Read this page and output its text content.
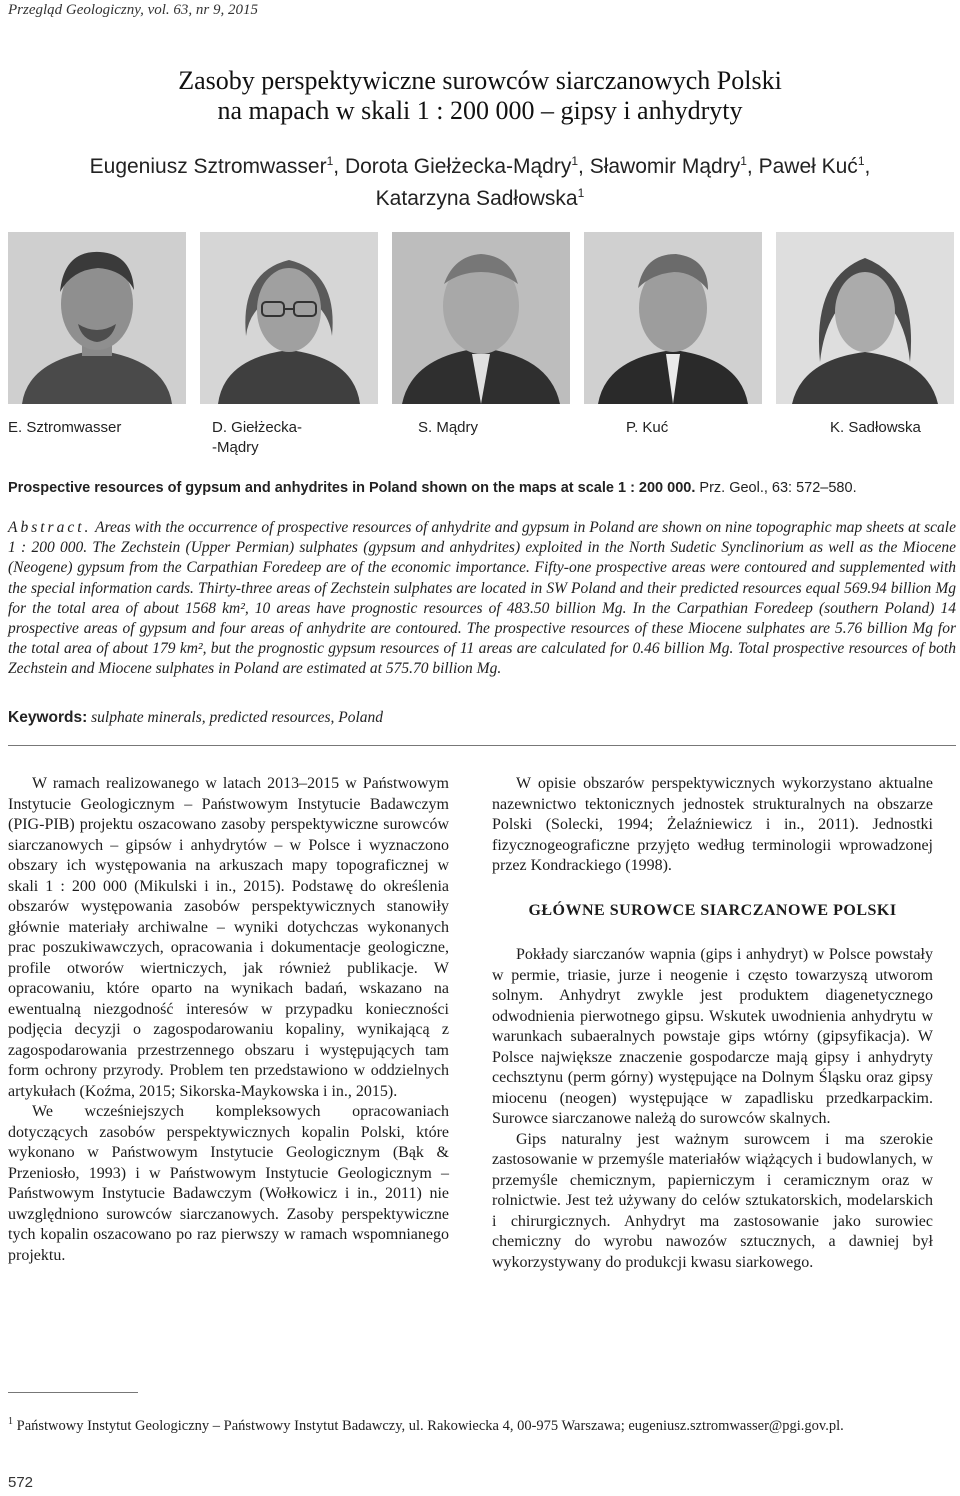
Przegląd Geologiczny, vol. 63, nr 9, 2015
Zasoby perspektywiczne surowców siarczanowych Polski
na mapach w skali 1 : 200 000 – gipsy i anhydryty
Eugeniusz Sztromwasser$^1$, Dorota Giełżecka-Mądry$^1$, Sławomir Mądry$^1$, Paweł Kuć$^1$,
Katarzyna Sadłowska$^1$
E. Sztromwasser	D. Giełżecka-
-Mądry
S. Mądry	P. Kuć	K. Sadłowska
Prospective resources of gypsum and anhydrites in Poland shown on the maps at scale 1 : 200 000. Prz. Geol., 63: 572–580.
Abstract. Areas with the occurrence of prospective resources of anhydrite and gypsum in Poland are shown on nine topographic map sheets at scale 1 : 200 000. The Zechstein (Upper Permian) sulphates (gypsum and anhydrites) exploited in the North Sudetic Synclinorium as well as the Miocene (Neogene) gypsum from the Carpathian Foredeep are of the economic importance. Fifty-one prospective areas were contoured and supplemented with the special information cards. Thirty-three areas of Zechstein sulphates are located in SW Poland and their predicted resources equal 569.94 billion Mg for the total area of about 1568 km², 10 areas have prognostic resources of 483.50 billion Mg. In the Carpathian Foredeep (southern Poland) 14 prospective areas of gypsum and four areas of anhydrite are contoured. The prospective resources of these Miocene sulphates are 5.76 billion Mg for the total area of about 179 km², but the prognostic gypsum resources of 11 areas are calculated for 0.46 billion Mg. Total prospective resources of both Zechstein and Miocene sulphates in Poland are estimated at 575.70 billion Mg.
Keywords: sulphate minerals, predicted resources, Poland

W ramach realizowanego w latach 2013–2015 w Państwowym Instytucie Geologicznym – Państwowym Instytucie Badawczym (PIG-PIB) projektu oszacowano zasoby perspektywiczne surowców siarczanowych – gipsów i anhydrytów – w Polsce i wyznaczono obszary ich występowania na arkuszach mapy topograficznej w skali 1 : 200 000 (Mikulski i in., 2015). Podstawę do określenia obszarów występowania zasobów perspektywicznych stanowiły głównie materiały archiwalne – wyniki dotychczas wykonanych prac poszukiwawczych, opracowania i dokumentacje geologiczne, profile otworów wiertniczych, jak również publikacje. W opracowaniu, które oparto na wynikach badań, wskazano na ewentualną niezgodność interesów w przypadku konieczności podjęcia decyzji o zagospodarowaniu kopaliny, wynikającą z zagospodarowania przestrzennego obszaru i występujących tam form ochrony przyrody. Problem ten przedstawiono w oddzielnych artykułach (Koźma, 2015; Sikorska-Maykowska i in., 2015).

We wcześniejszych kompleksowych opracowaniach dotyczących zasobów perspektywicznych kopalin Polski, które wykonano w Państwowym Instytucie Geologicznym (Bąk & Przeniosło, 1993) i w Państwowym Instytucie Geologicznym – Państwowym Instytucie Badawczym (Wołkowicz i in., 2011) nie uwzględniono surowców siarczanowych. Zasoby perspektywiczne tych kopalin oszacowano po raz pierwszy w ramach wspomnianego projektu.

W opisie obszarów perspektywicznych wykorzystano aktualne nazewnictwo tektonicznych jednostek strukturalnych na obszarze Polski (Solecki, 1994; Żelaźniewicz i in., 2011). Jednostki fizycznogeograficzne przyjęto według terminologii wprowadzonej przez Kondrackiego (1998).

GŁÓWNE SUROWCE SIARCZANOWE POLSKI

Pokłady siarczanów wapnia (gips i anhydryt) w Polsce powstały w permie, triasie, jurze i neogenie i często towarzyszą utworom solnym. Anhydryt zwykle jest produktem diagenetycznego odwodnienia pierwotnego gipsu. Wskutek uwodnienia anhydrytu w warunkach subaeralnych powstaje gips wtórny (gipsyfikacja). W Polsce największe znaczenie gospodarcze mają gipsy i anhydryty cechsztynu (perm górny) występujące na Dolnym Śląsku oraz gipsy miocenu (neogen) występujące w zapadlisku przedkarpackim. Surowce siarczanowe należą do surowców skalnych.

Gips naturalny jest ważnym surowcem i ma szerokie zastosowanie w przemyśle materiałów wiążących i budowlanych, w przemyśle chemicznym, papierniczym i ceramicznym oraz w rolnictwie. Jest też używany do celów sztukatorskich, modelarskich i chirurgicznych. Anhydryt ma zastosowanie jako surowiec chemiczny do wyrobu nawozów sztucznych, a dawniej był wykorzystywany do produkcji kwasu siarkowego.

$^1$ Państwowy Instytut Geologiczny – Państwowy Instytut Badawczy, ul. Rakowiecka 4, 00-975 Warszawa; eugeniusz.sztromwasser@pgi.gov.pl.
572
